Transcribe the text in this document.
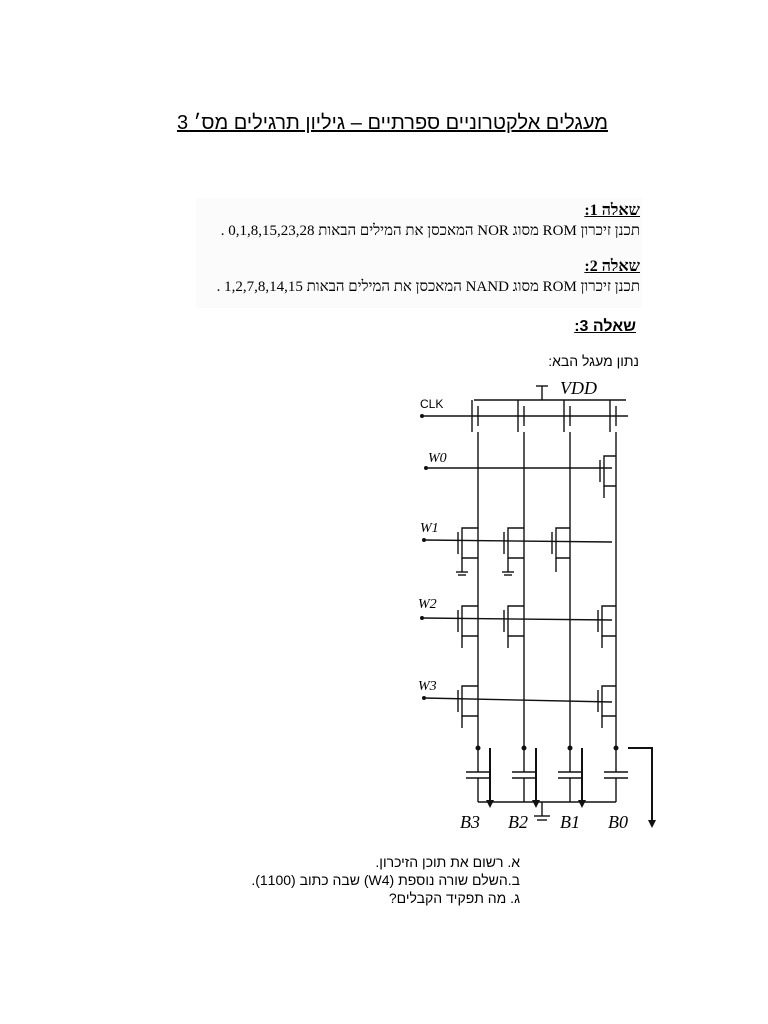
מעגלים אלקטרוניים ספרתיים – גיליון תרגילים מס׳ 3
שאלה 1:
תכנן זיכרון ROM מסוג NOR המאכסן את המילים הבאות 0,1,8,15,23,28 .
שאלה 2:
תכנן זיכרון ROM מסוג NAND המאכסן את המילים הבאות 1,2,7,8,14,15 .
שאלה 3:
נתון מעגל הבא:
VDD
CLK
W0
W1
W2
W3
B3 B2 B1 B0
א. רשום את תוכן הזיכרון.
ב.השלם שורה נוספת (W4) שבה כתוב (1100).
ג. מה תפקיד הקבלים?
